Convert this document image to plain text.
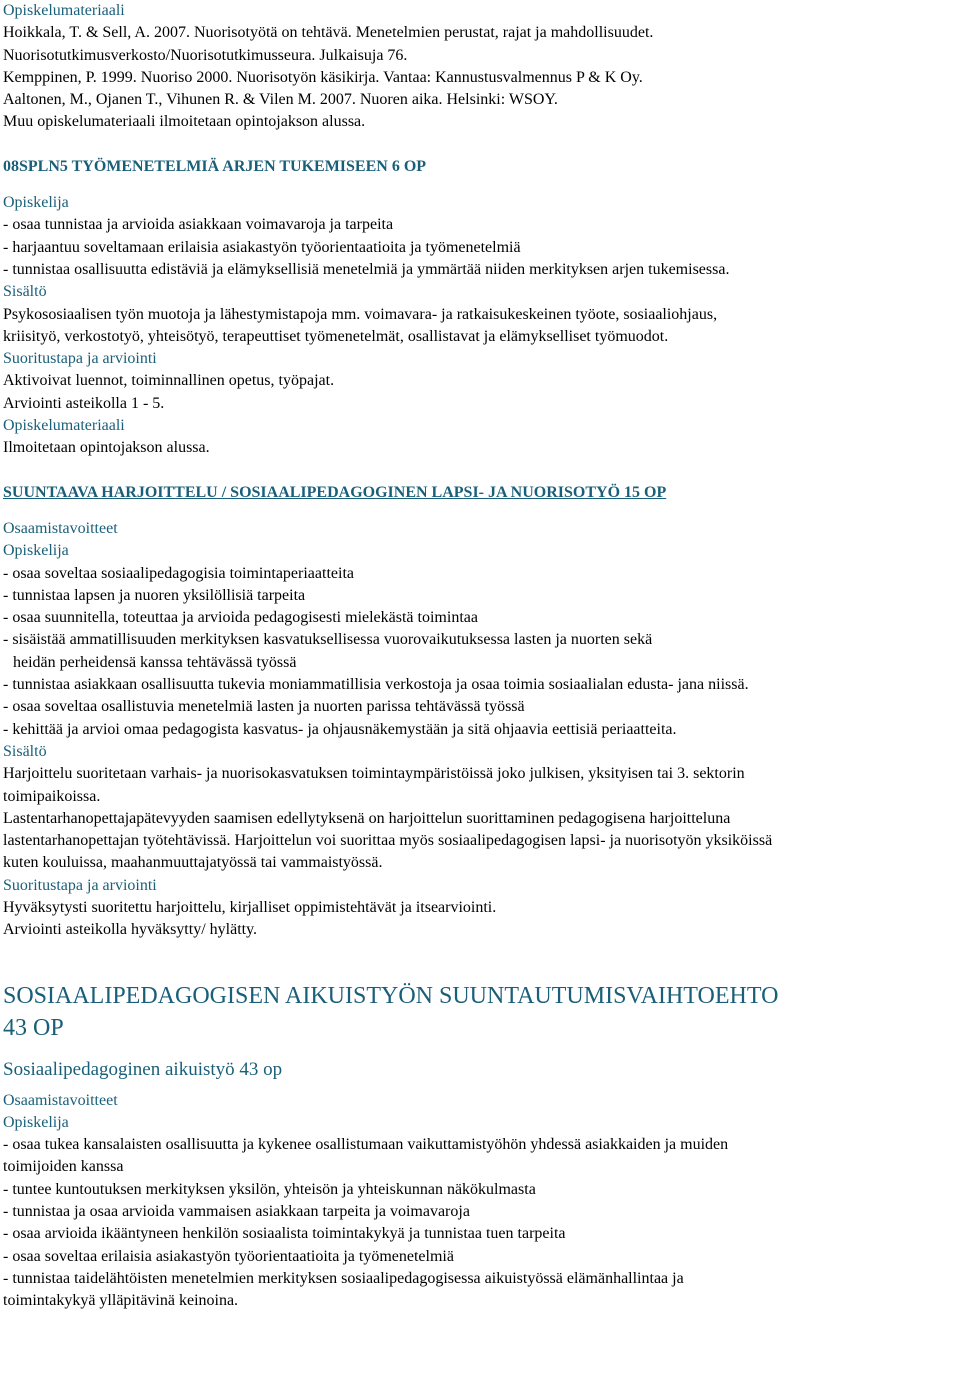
Opiskelumateriaali
Hoikkala, T. & Sell, A. 2007. Nuorisotyötä on tehtävä. Menetelmien perustat, rajat ja mahdollisuudet.
Nuorisotutkimusverkosto/Nuorisotutkimusseura. Julkaisuja 76.
Kemppinen, P. 1999. Nuoriso 2000. Nuorisotyön käsikirja. Vantaa: Kannustusvalmennus P & K Oy.
Aaltonen, M., Ojanen T., Vihunen R. & Vilen M. 2007. Nuoren aika. Helsinki: WSOY.
Muu opiskelumateriaali ilmoitetaan opintojakson alussa.
08SPLN5 TYÖMENETELMIÄ ARJEN TUKEMISEEN 6 OP
Opiskelija
- osaa tunnistaa ja arvioida asiakkaan voimavaroja ja tarpeita
- harjaantuu soveltamaan erilaisia asiakastyön työorientaatioita ja työmenetelmiä
- tunnistaa osallisuutta edistäviä ja elämyksellisiä menetelmiä ja ymmärtää niiden merkityksen arjen tukemisessa.
Sisältö
Psykososiaalisen työn muotoja ja lähestymistapoja mm. voimavara- ja ratkaisukeskeinen työote, sosiaaliohjaus,
kriisityö, verkostotyö, yhteisötyö, terapeuttiset työmenetelmät, osallistavat ja elämykselliset työmuodot.
Suoritustapa ja arviointi
Aktivoivat luennot, toiminnallinen opetus, työpajat.
Arviointi asteikolla 1 - 5.
Opiskelumateriaali
Ilmoitetaan opintojakson alussa.
SUUNTAAVA HARJOITTELU / SOSIAALIPEDAGOGINEN LAPSI- JA NUORISOTYÖ 15 OP
Osaamistavoitteet
Opiskelija
- osaa soveltaa sosiaalipedagogisia toimintaperiaatteita
- tunnistaa lapsen ja nuoren yksilöllisiä tarpeita
- osaa suunnitella, toteuttaa ja arvioida pedagogisesti mielekästä toimintaa
- sisäistää ammatillisuuden merkityksen kasvatuksellisessa vuorovaikutuksessa lasten ja nuorten sekä
heidän perheidensä kanssa tehtävässä työssä
- tunnistaa asiakkaan osallisuutta tukevia moniammatillisia verkostoja ja osaa toimia sosiaalialan edusta- jana niissä.
- osaa soveltaa osallistuvia menetelmiä lasten ja nuorten parissa tehtävässä työssä
- kehittää ja arvioi omaa pedagogista kasvatus- ja ohjausnäkemystään ja sitä ohjaavia eettisiä periaatteita.
Sisältö
Harjoittelu suoritetaan varhais- ja nuorisokasvatuksen toimintaympäristöissä joko julkisen, yksityisen tai 3. sektorin
toimipaikoissa.
Lastentarhanopettajapätevyyden saamisen edellytyksenä on harjoittelun suorittaminen pedagogisena harjoitteluna
lastentarhanopettajan työtehtävissä. Harjoittelun voi suorittaa myös sosiaalipedagogisen lapsi- ja nuorisotyön yksiköissä
kuten kouluissa, maahanmuuttajatyössä tai vammaistyössä.
Suoritustapa ja arviointi
Hyväksytysti suoritettu harjoittelu, kirjalliset oppimistehtävät ja itsearviointi.
Arviointi asteikolla hyväksytty/ hylätty.
SOSIAALIPEDAGOGISEN AIKUISTYÖN SUUNTAUTUMISVAIHTOEHTO
43 OP
Sosiaalipedagoginen aikuistyö 43 op
Osaamistavoitteet
Opiskelija
- osaa tukea kansalaisten osallisuutta ja kykenee osallistumaan vaikuttamistyöhön yhdessä asiakkaiden ja muiden
toimijoiden kanssa
- tuntee kuntoutuksen merkityksen yksilön, yhteisön ja yhteiskunnan näkökulmasta
- tunnistaa ja osaa arvioida vammaisen asiakkaan tarpeita ja voimavaroja
- osaa arvioida ikääntyneen henkilön sosiaalista toimintakykyä ja tunnistaa tuen tarpeita
- osaa soveltaa erilaisia asiakastyön työorientaatioita ja työmenetelmiä
- tunnistaa taidelähtöisten menetelmien merkityksen sosiaalipedagogisessa aikuistyössä elämänhallintaa ja
toimintakykyä ylläpitävinä keinoina.
